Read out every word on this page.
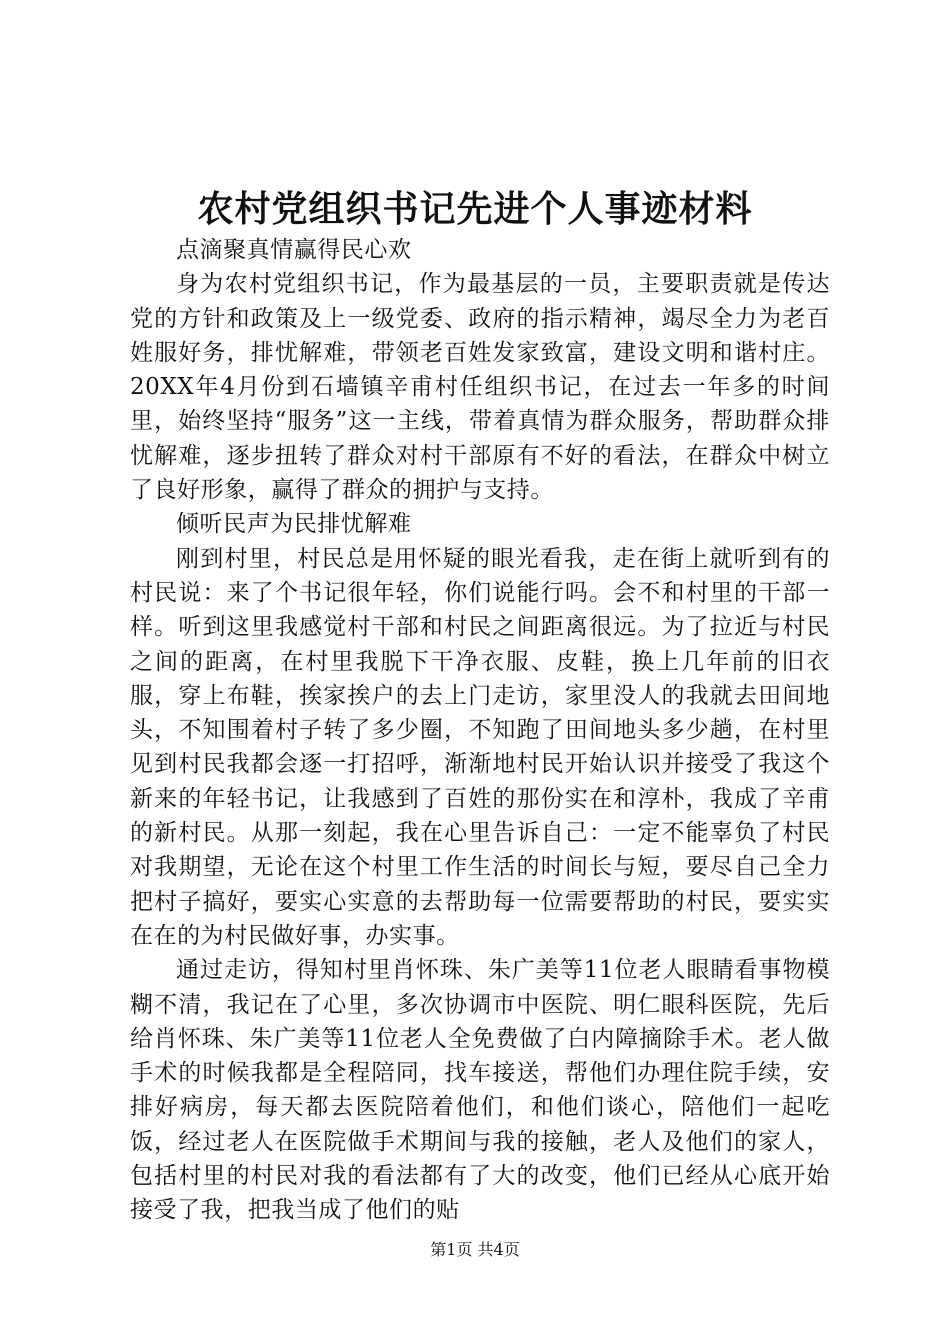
农村党组织书记先进个人事迹材料

点滴聚真情赢得民心欢

身为农村党组织书记，作为最基层的一员，主要职责就是传达党的方针和政策及上一级党委、政府的指示精神，竭尽全力为老百姓服好务，排忧解难，带领老百姓发家致富，建设文明和谐村庄。20XX年4月份到石墙镇辛甫村任组织书记，在过去一年多的时间里，始终坚持“服务”这一主线，带着真情为群众服务，帮助群众排忧解难，逐步扭转了群众对村干部原有不好的看法，在群众中树立了良好形象，赢得了群众的拥护与支持。

倾听民声为民排忧解难

刚到村里，村民总是用怀疑的眼光看我，走在街上就听到有的村民说：来了个书记很年轻，你们说能行吗。会不和村里的干部一样。听到这里我感觉村干部和村民之间距离很远。为了拉近与村民之间的距离，在村里我脱下干净衣服、皮鞋，换上几年前的旧衣服，穿上布鞋，挨家挨户的去上门走访，家里没人的我就去田间地头，不知围着村子转了多少圈，不知跑了田间地头多少趟，在村里见到村民我都会逐一打招呼，渐渐地村民开始认识并接受了我这个新来的年轻书记，让我感到了百姓的那份实在和淳朴，我成了辛甫的新村民。从那一刻起，我在心里告诉自己：一定不能辜负了村民对我期望，无论在这个村里工作生活的时间长与短，要尽自己全力把村子搞好，要实心实意的去帮助每一位需要帮助的村民，要实实在在的为村民做好事，办实事。

通过走访，得知村里肖怀珠、朱广美等11位老人眼睛看事物模糊不清，我记在了心里，多次协调市中医院、明仁眼科医院，先后给肖怀珠、朱广美等11位老人全免费做了白内障摘除手术。老人做手术的时候我都是全程陪同，找车接送，帮他们办理住院手续，安排好病房，每天都去医院陪着他们，和他们谈心，陪他们一起吃饭，经过老人在医院做手术期间与我的接触，老人及他们的家人，包括村里的村民对我的看法都有了大的改变，他们已经从心底开始接受了我，把我当成了他们的贴

第1页 共4页
